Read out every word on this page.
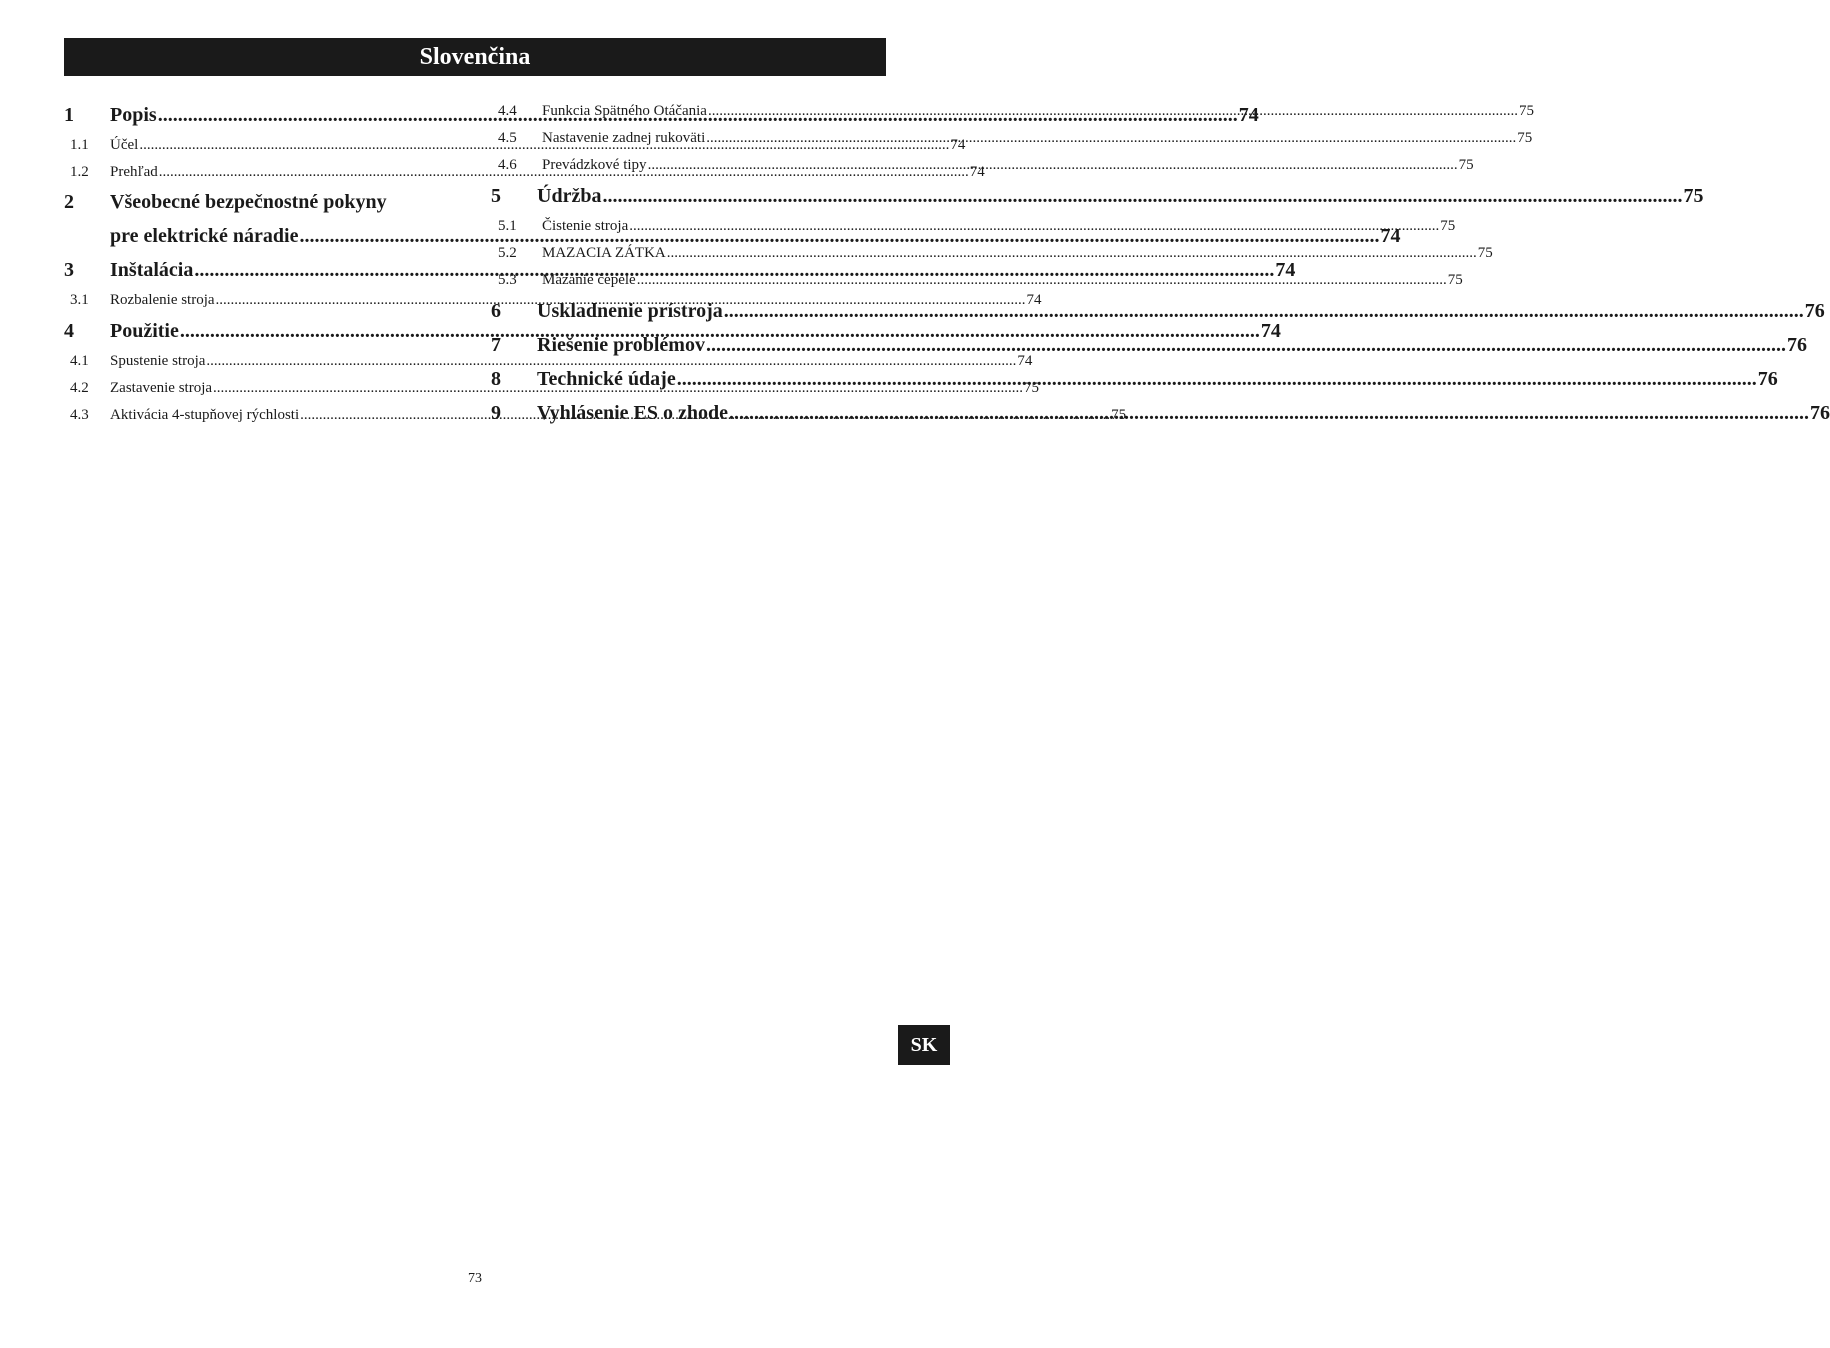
Slovenčina
1	Popis .....	74
1.1	Účel .....	74
1.2	Prehľad .....	74
2	Všeobecné bezpečnostné pokyny
pre elektrické náradie .....	74
3	Inštalácia .....	74
3.1	Rozbalenie stroja .....	74
4	Použitie .....	74
4.1	Spustenie stroja .....	74
4.2	Zastavenie stroja .....	75
4.3	Aktivácia 4-stupňovej rýchlosti .....	75
4.4	Funkcia Spätného Otáčania .....	75
4.5	Nastavenie zadnej rukoväti .....	75
4.6	Prevádzkové tipy .....	75
5	Údržba .....	75
5.1	Čistenie stroja .....	75
5.2	MAZACIA ZÁTKA .....	75
5.3	Mazanie čepele .....	75
6	Uskladnenie prístroja .....	76
7	Riešenie problémov .....	76
8	Technické údaje .....	76
9	Vyhlásenie ES o zhode .....	76
SK
73
